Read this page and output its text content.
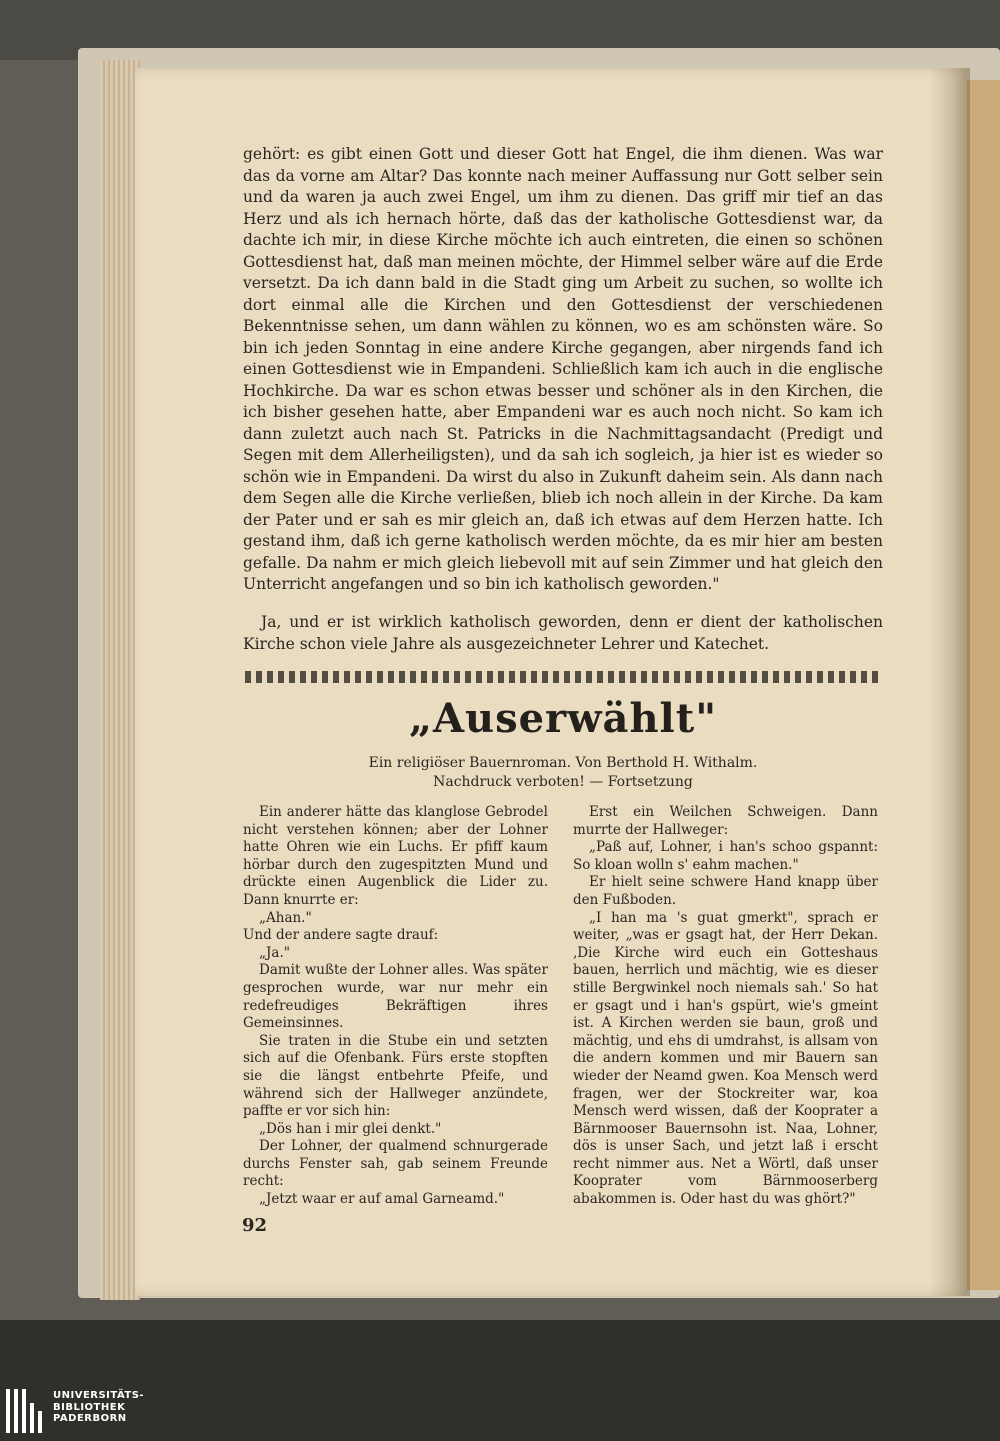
gehört: es gibt einen Gott und dieser Gott hat Engel, die ihm dienen. Was war das da vorne am Altar? Das konnte nach meiner Auffassung nur Gott selber sein und da waren ja auch zwei Engel, um ihm zu dienen. Das griff mir tief an das Herz und als ich hernach hörte, daß das der katholische Gottesdienst war, da dachte ich mir, in diese Kirche möchte ich auch eintreten, die einen so schönen Gottesdienst hat, daß man meinen möchte, der Himmel selber wäre auf die Erde versetzt. Da ich dann bald in die Stadt ging um Arbeit zu suchen, so wollte ich dort einmal alle die Kirchen und den Gottesdienst der verschiedenen Bekenntnisse sehen, um dann wählen zu können, wo es am schönsten wäre. So bin ich jeden Sonntag in eine andere Kirche gegangen, aber nirgends fand ich einen Gottesdienst wie in Empandeni. Schließlich kam ich auch in die englische Hochkirche. Da war es schon etwas besser und schöner als in den Kirchen, die ich bisher gesehen hatte, aber Empandeni war es auch noch nicht. So kam ich dann zuletzt auch nach St. Patricks in die Nachmittagsandacht (Predigt und Segen mit dem Allerheiligsten), und da sah ich sogleich, ja hier ist es wieder so schön wie in Empandeni. Da wirst du also in Zukunft daheim sein. Als dann nach dem Segen alle die Kirche verließen, blieb ich noch allein in der Kirche. Da kam der Pater und er sah es mir gleich an, daß ich etwas auf dem Herzen hatte. Ich gestand ihm, daß ich gerne katholisch werden möchte, da es mir hier am besten gefalle. Da nahm er mich gleich liebevoll mit auf sein Zimmer und hat gleich den Unterricht angefangen und so bin ich katholisch geworden."

Ja, und er ist wirklich katholisch geworden, denn er dient der katholischen Kirche schon viele Jahre als ausgezeichneter Lehrer und Katechet.

„Auserwählt"
Ein religiöser Bauernroman. Von Berthold H. Withalm.
Nachdruck verboten! — Fortsetzung

Ein anderer hätte das klanglose Gebrodel nicht verstehen können; aber der Lohner hatte Ohren wie ein Luchs. Er pfiff kaum hörbar durch den zugespitzten Mund und drückte einen Augenblick die Lider zu. Dann knurrte er:

„Ahan."

Und der andere sagte drauf:

„Ja."

Damit wußte der Lohner alles. Was später gesprochen wurde, war nur mehr ein redefreudiges Bekräftigen ihres Gemeinsinnes.

Sie traten in die Stube ein und setzten sich auf die Ofenbank. Fürs erste stopften sie die längst entbehrte Pfeife, und während sich der Hallweger anzündete, paffte er vor sich hin:

„Dös han i mir glei denkt."

Der Lohner, der qualmend schnurgerade durchs Fenster sah, gab seinem Freunde recht:

„Jetzt waar er auf amal Garneamd."

Erst ein Weilchen Schweigen. Dann murrte der Hallweger:

„Paß auf, Lohner, i han's schoo gspannt: So kloan wolln s' eahm machen."

Er hielt seine schwere Hand knapp über den Fußboden.

„I han ma 's guat gmerkt", sprach er weiter, „was er gsagt hat, der Herr Dekan. ‚Die Kirche wird euch ein Gotteshaus bauen, herrlich und mächtig, wie es dieser stille Bergwinkel noch niemals sah.' So hat er gsagt und i han's gspürt, wie's gmeint ist. A Kirchen werden sie baun, groß und mächtig, und ehs di umdrahst, is allsam von die andern kommen und mir Bauern san wieder der Neamd gwen. Koa Mensch werd fragen, wer der Stockreiter war, koa Mensch werd wissen, daß der Kooprater a Bärnmooser Bauernsohn ist. Naa, Lohner, dös is unser Sach, und jetzt laß i erscht recht nimmer aus. Net a Wörtl, daß unser Kooprater vom Bärnmooserberg abakommen is. Oder hast du was ghört?"

92
UNIVERSITÄTS-
BIBLIOTHEK
PADERBORN
